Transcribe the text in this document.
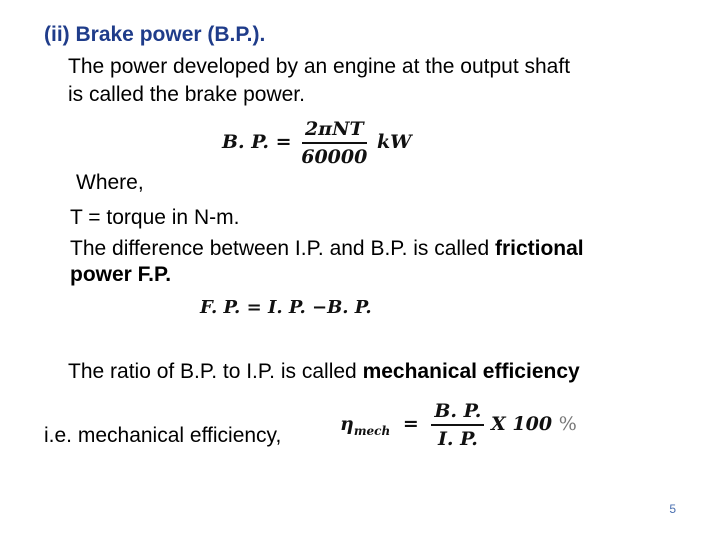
(ii) Brake power (B.P.).
The power developed by an engine at the output shaft
is called the brake power.
B. P. = $\frac{\text{2πNT}}{60000}$ kW
Where,
T = torque in N-m.
The difference between I.P. and B.P. is called frictional
power F.P.
F. P. = I. P. −B. P.
The ratio of B.P. to I.P. is called mechanical efficiency
i.e. mechanical efficiency,	$\eta_{mech} = \frac{B. P.}{I. P.}$ X 100 %
5
